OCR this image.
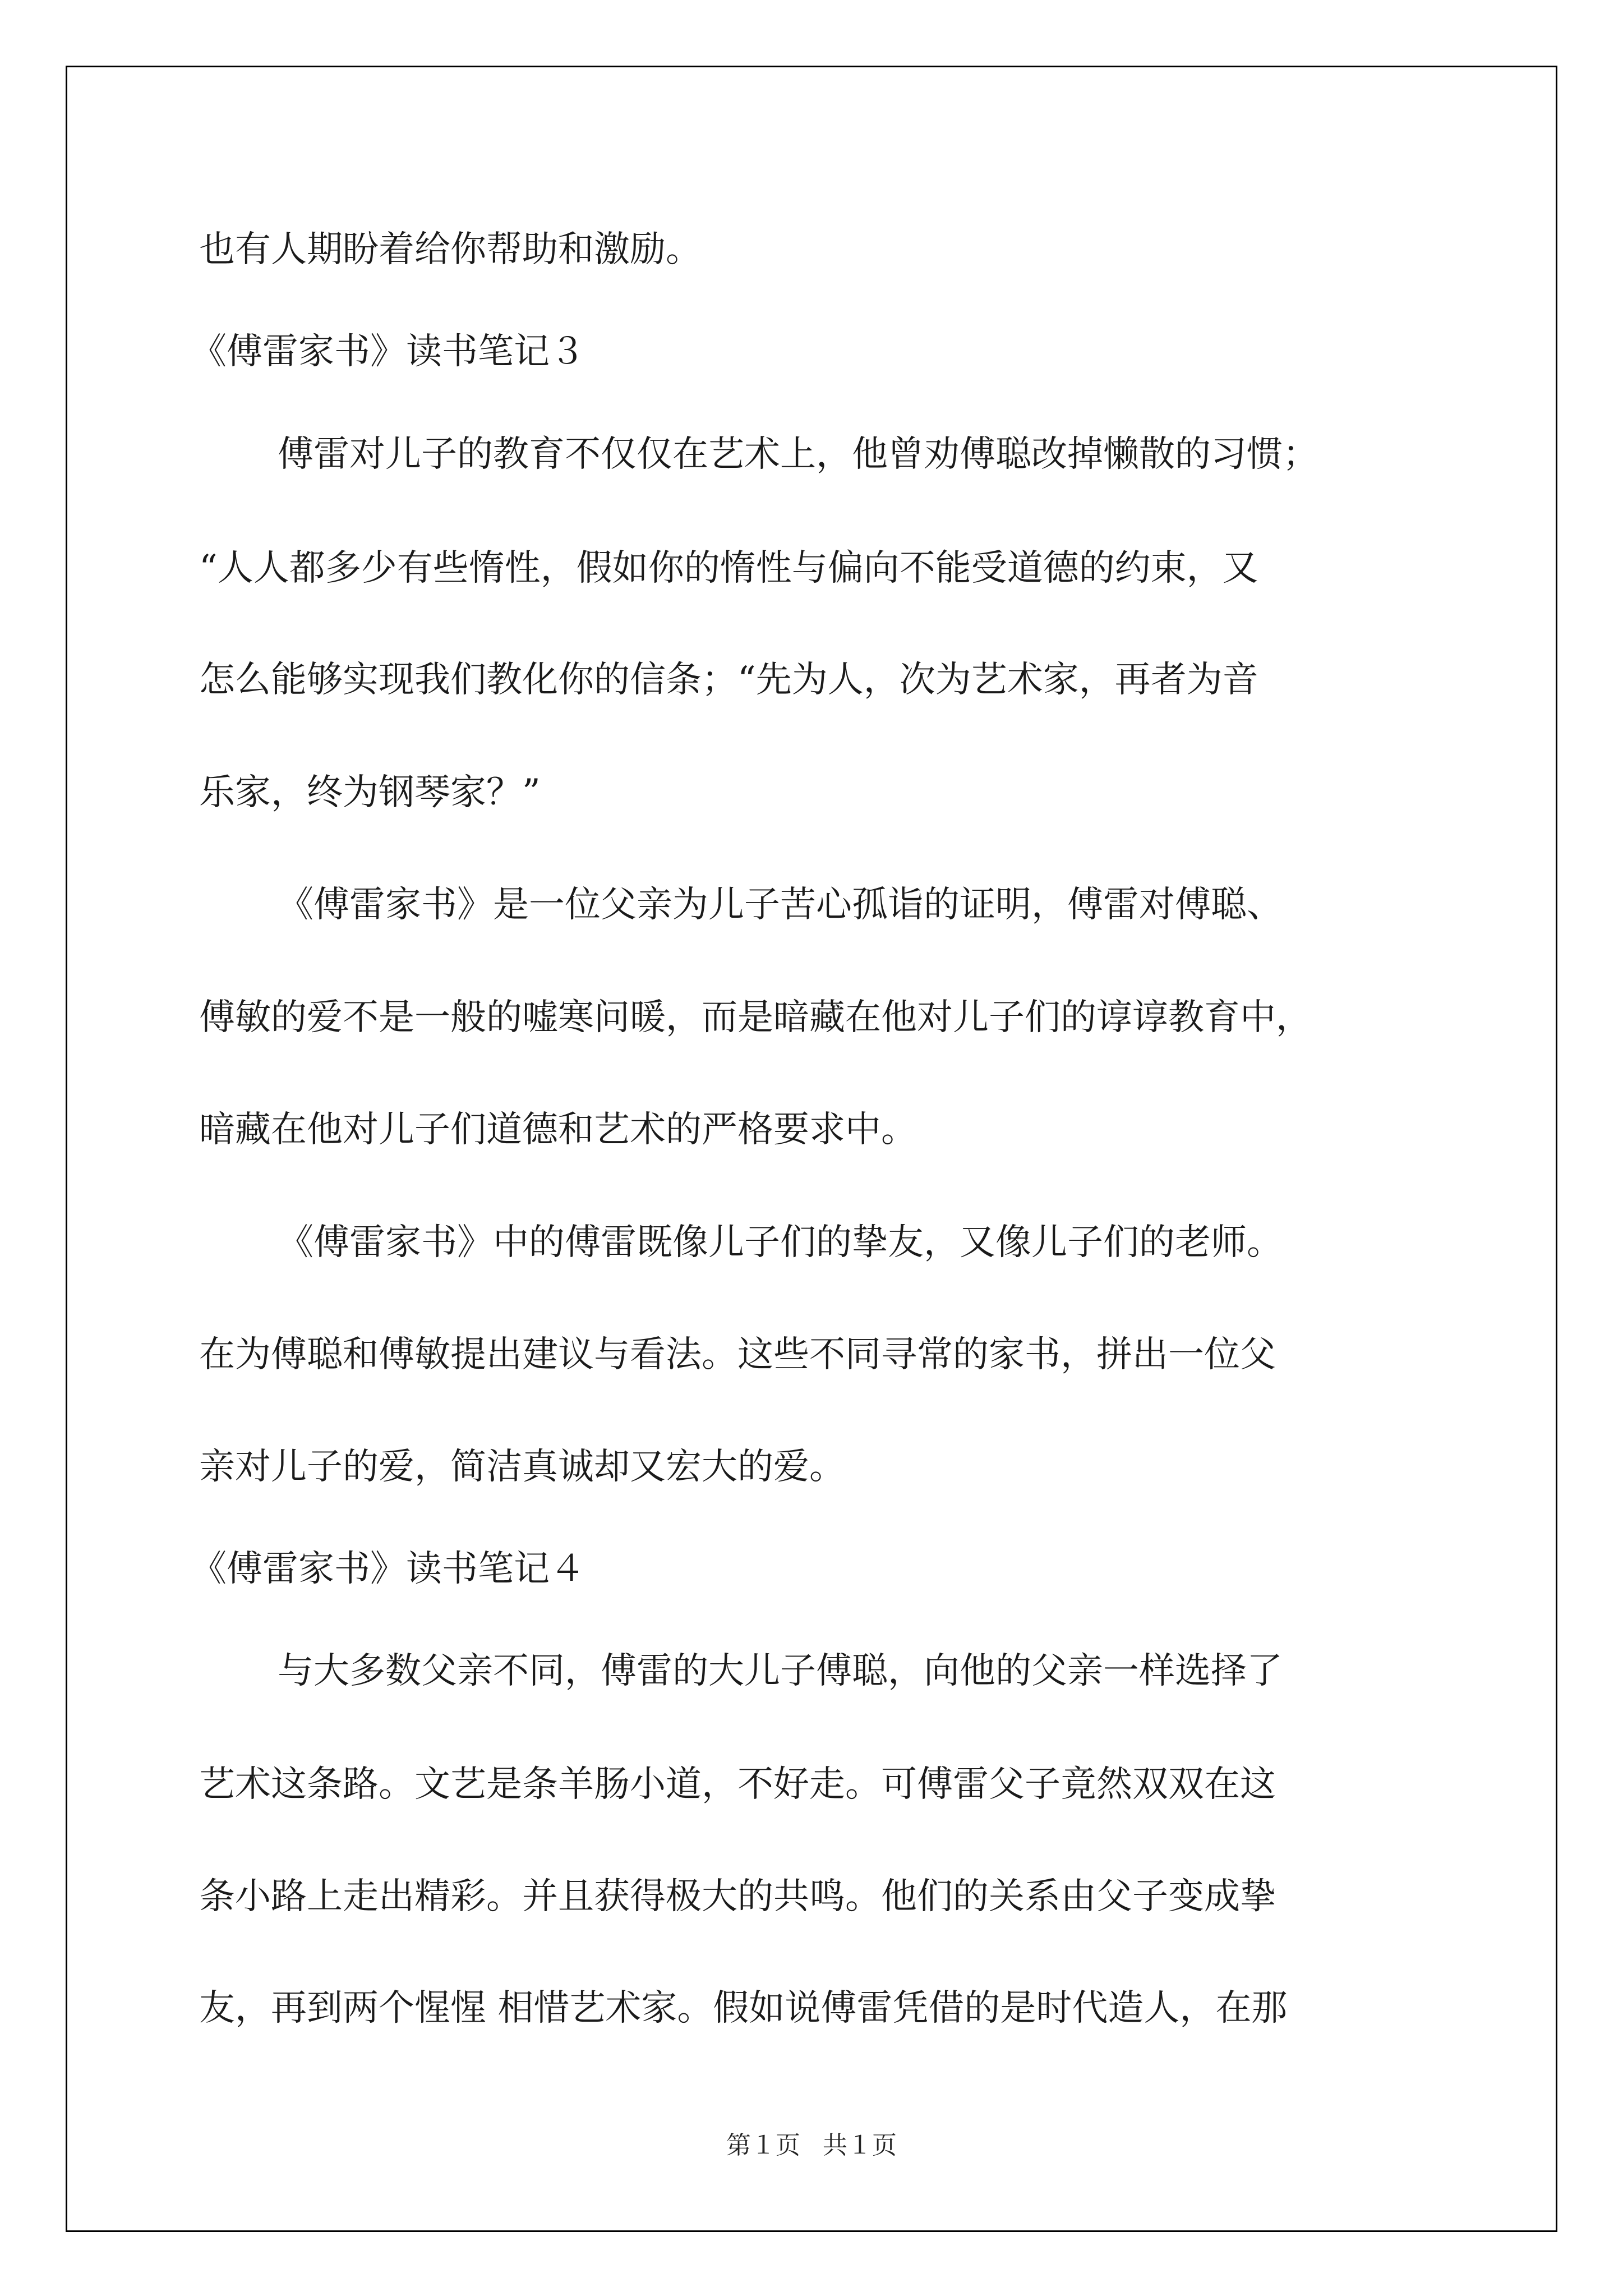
也有人期盼着给你帮助和激励。
《傅雷家书》读书笔记３
傅雷对儿子的教育不仅仅在艺术上，他曾劝傅聪改掉懒散的习惯；
“人人都多少有些惰性，假如你的惰性与偏向不能受道德的约束，又
怎么能够实现我们教化你的信条；“先为人，次为艺术家，再者为音
乐家，终为钢琴家？”
《傅雷家书》是一位父亲为儿子苦心孤诣的证明，傅雷对傅聪、
傅敏的爱不是一般的嘘寒问暖，而是暗藏在他对儿子们的谆谆教育中，
暗藏在他对儿子们道德和艺术的严格要求中。
《傅雷家书》中的傅雷既像儿子们的挚友，又像儿子们的老师。
在为傅聪和傅敏提出建议与看法。这些不同寻常的家书，拼出一位父
亲对儿子的爱，简洁真诚却又宏大的爱。
《傅雷家书》读书笔记４
与大多数父亲不同，傅雷的大儿子傅聪，向他的父亲一样选择了
艺术这条路。文艺是条羊肠小道，不好走。可傅雷父子竟然双双在这
条小路上走出精彩。并且获得极大的共鸣。他们的关系由父子变成挚
友，再到两个惺惺 相惜艺术家。假如说傅雷凭借的是时代造人，在那
第１页 共１页
